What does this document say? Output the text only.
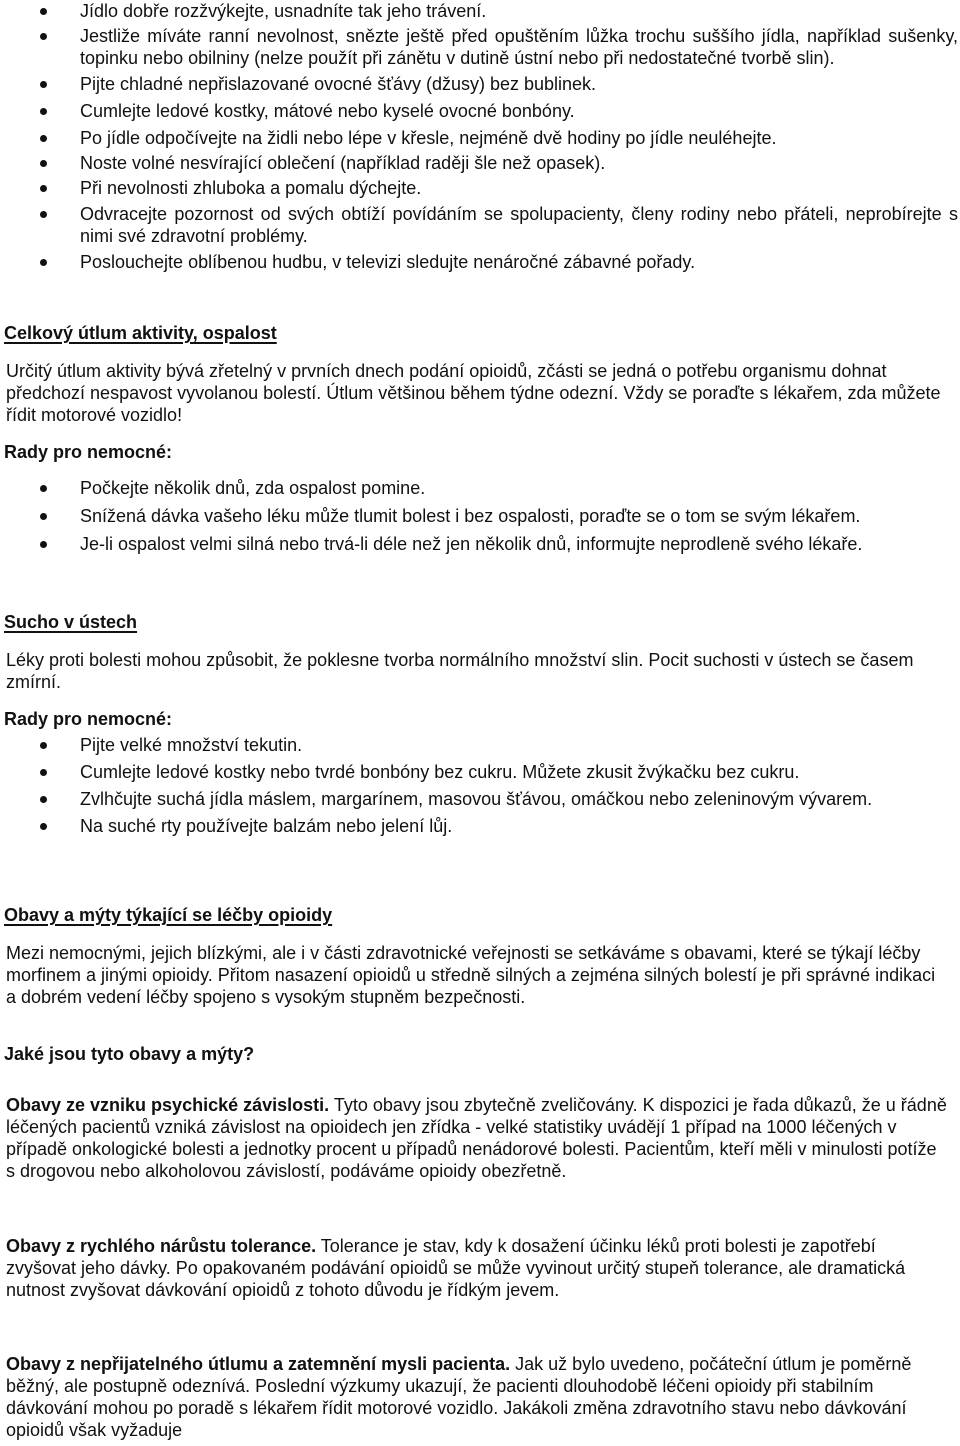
Jídlo dobře rozžvýkejte, usnadníte tak jeho trávení.
Jestliže míváte ranní nevolnost, snězte ještě před opuštěním lůžka trochu suššího jídla, například sušenky, topinku nebo obilniny (nelze použít při zánětu v dutině ústní nebo při nedostatečné tvorbě slin).
Pijte chladné nepřislazované ovocné šťávy (džusy) bez bublinek.
Cumlejte ledové kostky, mátové nebo kyselé ovocné bonbóny.
Po jídle odpočívejte na židli nebo lépe v křesle, nejméně dvě hodiny po jídle neuléhejte.
Noste volné nesvírající oblečení (například raději šle než opasek).
Při nevolnosti zhluboka a pomalu dýchejte.
Odvracejte pozornost od svých obtíží povídáním se spolupacienty, členy rodiny nebo přáteli, neprobírejte s nimi své zdravotní problémy.
Poslouchejte oblíbenou hudbu, v televizi sledujte nenáročné zábavné pořady.

Celkový útlum aktivity, ospalost

Určitý útlum aktivity bývá zřetelný v prvních dnech podání opioidů, zčásti se jedná o potřebu organismu dohnat předchozí nespavost vyvolanou bolestí. Útlum většinou během týdne odezní. Vždy se poraďte s lékařem, zda můžete řídit motorové vozidlo!

Rady pro nemocné:

Počkejte několik dnů, zda ospalost pomine.
Snížená dávka vašeho léku může tlumit bolest i bez ospalosti, poraďte se o tom se svým lékařem.
Je-li ospalost velmi silná nebo trvá-li déle než jen několik dnů, informujte neprodleně svého lékaře.

Sucho v ústech

Léky proti bolesti mohou způsobit, že poklesne tvorba normálního množství slin. Pocit suchosti v ústech se časem zmírní.

Rady pro nemocné:

Pijte velké množství tekutin.
Cumlejte ledové kostky nebo tvrdé bonbóny bez cukru. Můžete zkusit žvýkačku bez cukru.
Zvlhčujte suchá jídla máslem, margarínem, masovou šťávou, omáčkou nebo zeleninovým vývarem.
Na suché rty používejte balzám nebo jelení lůj.

Obavy a mýty týkající se léčby opioidy

Mezi nemocnými, jejich blízkými, ale i v části zdravotnické veřejnosti se setkáváme s obavami, které se týkají léčby morfinem a jinými opioidy. Přitom nasazení opioidů u středně silných a zejména silných bolestí je při správné indikaci a dobrém vedení léčby spojeno s vysokým stupněm bezpečnosti.

Jaké jsou tyto obavy a mýty?

Obavy ze vzniku psychické závislosti. Tyto obavy jsou zbytečně zveličovány. K dispozici je řada důkazů, že u řádně léčených pacientů vzniká závislost na opioidech jen zřídka - velké statistiky uvádějí 1 případ na 1000 léčených v případě onkologické bolesti a jednotky procent u případů nenádorové bolesti. Pacientům, kteří měli v minulosti potíže s drogovou nebo alkoholovou závislostí, podáváme opioidy obezřetně.

Obavy z rychlého nárůstu tolerance. Tolerance je stav, kdy k dosažení účinku léků proti bolesti je zapotřebí zvyšovat jeho dávky. Po opakovaném podávání opioidů se může vyvinout určitý stupeň tolerance, ale dramatická nutnost zvyšovat dávkování opioidů z tohoto důvodu je řídkým jevem.

Obavy z nepřijatelného útlumu a zatemnění mysli pacienta. Jak už bylo uvedeno, počáteční útlum je poměrně běžný, ale postupně odeznívá. Poslední výzkumy ukazují, že pacienti dlouhodobě léčeni opioidy při stabilním dávkování mohou po poradě s lékařem řídit motorové vozidlo. Jakákoli změna zdravotního stavu nebo dávkování opioidů však vyžaduje
